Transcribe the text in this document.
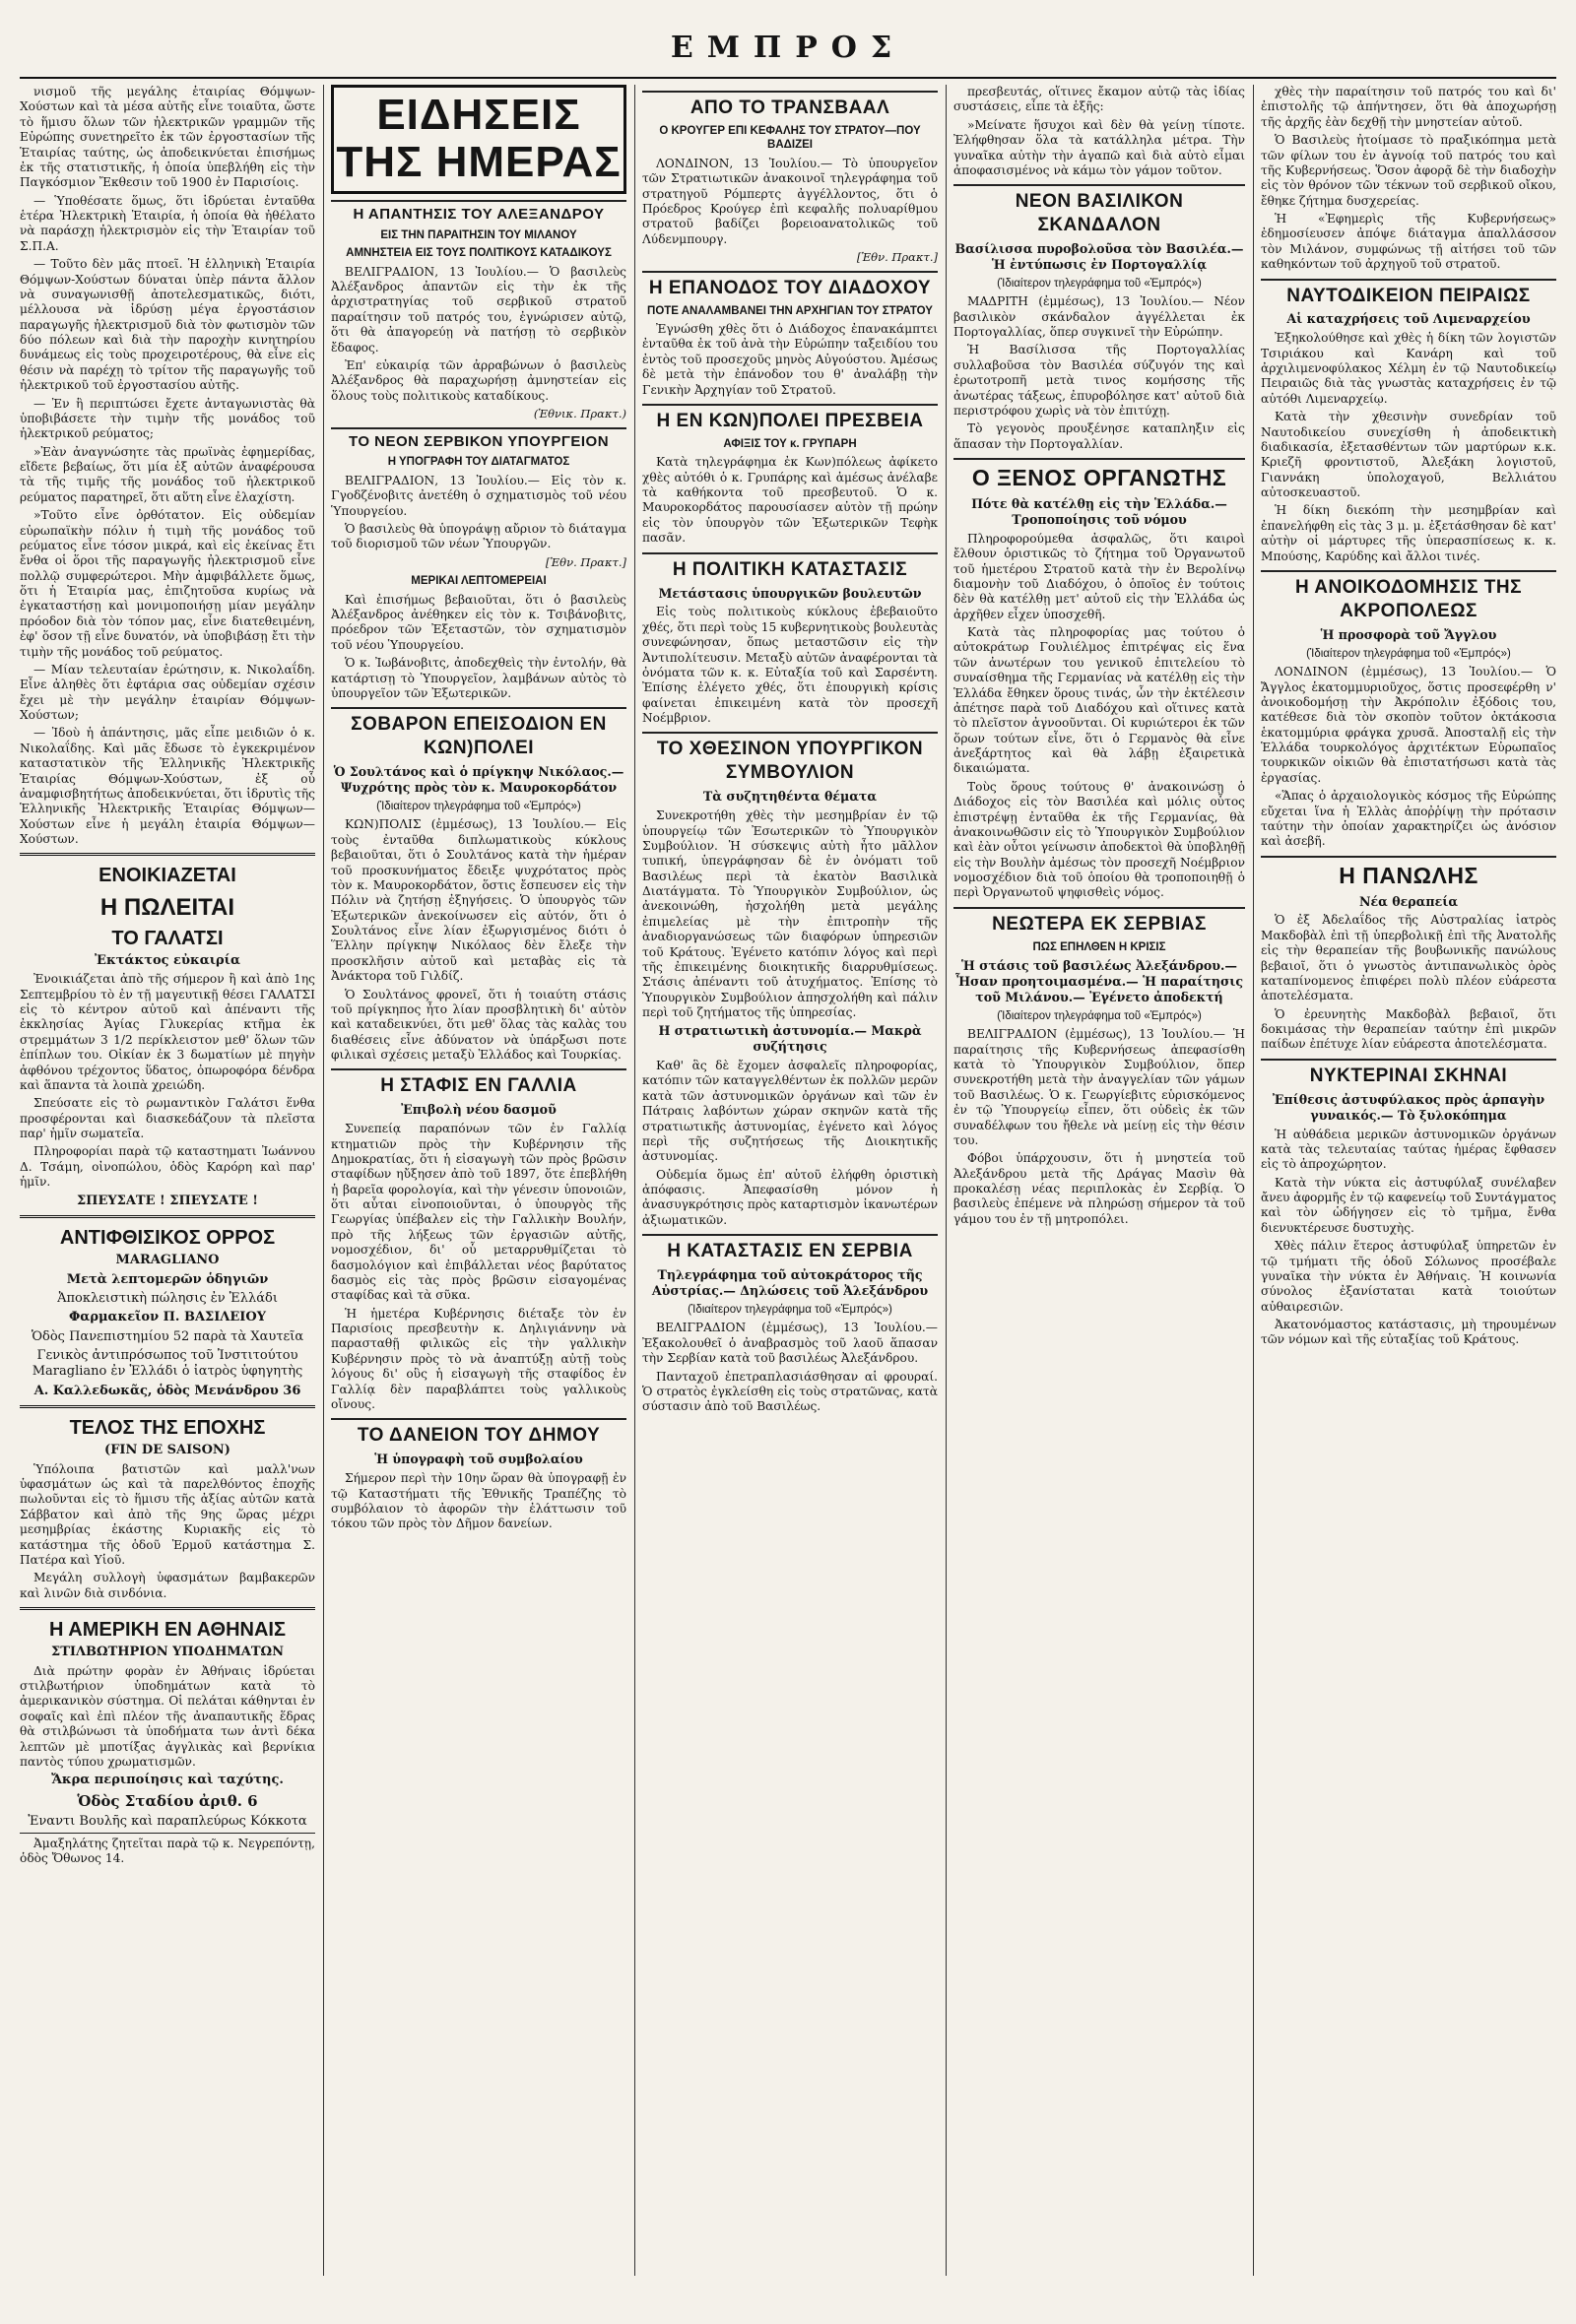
ΕΜΠΡΟΣ

νισμοῦ τῆς μεγάλης ἑταιρίας Θόμψων-Χούστων καὶ τὰ μέσα αὐτῆς εἶνε τοιαῦτα, ὥστε τὸ ἥμισυ ὅλων τῶν ἠλεκτρικῶν γραμμῶν τῆς Εὐρώπης συνετηρεῖτο ἐκ τῶν ἐργοστασίων τῆς Ἑταιρίας ταύτης, ὡς ἀποδεικνύεται ἐπισήμως ἐκ τῆς στατιστικῆς, ἡ ὁποία ὑπεβλήθη εἰς τὴν Παγκόσμιον Ἔκθεσιν τοῦ 1900 ἐν Παρισίοις.

— Ὑποθέσατε ὅμως, ὅτι ἱδρύεται ἐνταῦθα ἑτέρα Ἠλεκτρικὴ Ἑταιρία, ἡ ὁποία θὰ ἠθέλατο νὰ παράσχῃ ἠλεκτρισμὸν εἰς τὴν Ἑταιρίαν τοῦ Σ.Π.Α.

— Τοῦτο δὲν μᾶς πτοεῖ. Ἡ ἑλληνικὴ Ἑταιρία Θόμψων-Χούστων δύναται ὑπὲρ πάντα ἄλλον νὰ συναγωνισθῇ ἀποτελεσματικῶς, διότι, μέλλουσα νὰ ἱδρύσῃ μέγα ἐργοστάσιον παραγωγῆς ἠλεκτρισμοῦ διὰ τὸν φωτισμὸν τῶν δύο πόλεων καὶ διὰ τὴν παροχὴν κινητηρίου δυνάμεως εἰς τοὺς προχειροτέρους, θὰ εἶνε εἰς θέσιν νὰ παρέχῃ τὸ τρίτον τῆς παραγωγῆς τοῦ ἠλεκτρικοῦ τοῦ ἐργοστασίου αὐτῆς.

— Ἐν ἣ περιπτώσει ἔχετε ἀνταγωνιστὰς θὰ ὑποβιβάσετε τὴν τιμὴν τῆς μονάδος τοῦ ἠλεκτρικοῦ ρεύματος;

»Ἐὰν ἀναγνώσητε τὰς πρωϊνὰς ἐφημερίδας, εἴδετε βεβαίως, ὅτι μία ἐξ αὐτῶν ἀναφέρουσα τὰ τῆς τιμῆς τῆς μονάδος τοῦ ἠλεκτρικοῦ ρεύματος παρατηρεῖ, ὅτι αὕτη εἶνε ἐλαχίστη.

»Τοῦτο εἶνε ὀρθότατον. Εἰς οὐδεμίαν εὐρωπαϊκὴν πόλιν ἡ τιμὴ τῆς μονάδος τοῦ ρεύματος εἶνε τόσον μικρά, καὶ εἰς ἐκείνας ἔτι ἔνθα οἱ ὅροι τῆς παραγωγῆς ἠλεκτρισμοῦ εἶνε πολλῷ συμφερώτεροι. Μὴν ἀμφιβάλλετε ὅμως, ὅτι ἡ Ἑταιρία μας, ἐπιζητοῦσα κυρίως νὰ ἐγκαταστήσῃ καὶ μονιμοποιήσῃ μίαν μεγάλην πρόοδον διὰ τὸν τόπον μας, εἶνε διατεθειμένη, ἐφ' ὅσον τῇ εἶνε δυνατόν, νὰ ὑποβιβάσῃ ἔτι τὴν τιμὴν τῆς μονάδος τοῦ ρεύματος.

— Μίαν τελευταίαν ἐρώτησιν, κ. Νικολαΐδη. Εἶνε ἀληθὲς ὅτι ἐφτάρια σας οὐδεμίαν σχέσιν ἔχει μὲ τὴν μεγάλην ἑταιρίαν Θόμψων-Χούστων;

— Ἰδοὺ ἡ ἀπάντησις, μᾶς εἶπε μειδιῶν ὁ κ. Νικολαΐδης. Καὶ μᾶς ἔδωσε τὸ ἐγκεκριμένον καταστατικὸν τῆς Ἑλληνικῆς Ἠλεκτρικῆς Ἑταιρίας Θόμψων-Χούστων, ἐξ οὗ ἀναμφισβητήτως ἀποδεικνύεται, ὅτι ἱδρυτὶς τῆς Ἑλληνικῆς Ἠλεκτρικῆς Ἑταιρίας Θόμψων—Χούστων εἶνε ἡ μεγάλη ἑταιρία Θόμψων—Χούστων.

ΕΝΟΙΚΙΑΖΕΤΑΙ
Η ΠΩΛΕΙΤΑΙ
ΤΟ ΓΑΛΑΤΣΙ
Ἐκτάκτος εὐκαιρία

Ἐνοικιάζεται ἀπὸ τῆς σήμερον ἢ καὶ ἀπὸ 1ης Σεπτεμβρίου τὸ ἐν τῇ μαγευτικῇ θέσει ΓΑΛΑΤΣΙ εἰς τὸ κέντρον αὐτοῦ καὶ ἀπέναντι τῆς ἐκκλησίας Ἁγίας Γλυκερίας κτῆμα ἐκ στρεμμάτων 3 1/2 περίκλειστον μεθ' ὅλων τῶν ἐπίπλων του. Οἰκίαν ἐκ 3 δωματίων μὲ πηγὴν ἀφθόνου τρέχοντος ὕδατος, ὀπωροφόρα δένδρα καὶ ἅπαντα τὰ λοιπὰ χρειώδη.

Σπεύσατε εἰς τὸ ρωμαντικὸν Γαλάτσι ἕνθα προσφέρονται καὶ διασκεδάζουν τὰ πλεῖστα παρ' ἡμῖν σωματεῖα.

Πληροφορίαι παρὰ τῷ καταστηματι Ἰωάννου Δ. Τσάμη, οἰνοπώλου, ὁδὸς Καρόρη καὶ παρ' ἡμῖν.

ΣΠΕΥΣΑΤΕ ! ΣΠΕΥΣΑΤΕ !
ΑΝΤΙΦΘΙΣΙΚΟΣ ΟΡΡΟΣ
MARAGLIANO
Μετὰ λεπτομερῶν ὁδηγιῶν
Ἀποκλειστικὴ πώλησις ἐν Ἑλλάδι
Φαρμακεῖον Π. ΒΑΣΙΛΕΙΟΥ
Ὁδὸς Πανεπιστημίου 52 παρὰ τὰ Χαυτεῖα
Γενικὸς ἀντιπρόσωπος τοῦ Ἰνστιτούτου Maragliano ἐν Ἑλλάδι ὁ ἰατρὸς ὑφηγητὴς
Α. Καλλεδωκᾶς, ὁδὸς Μενάνδρου 36
ΤΕΛΟΣ ΤΗΣ ΕΠΟΧΗΣ
(FIN DE SAISON)

Ὑπόλοιπα βατιστῶν καὶ μαλλ'νων ὑφασμάτων ὡς καὶ τὰ παρελθόντος ἐποχῆς πωλοῦνται εἰς τὸ ἥμισυ τῆς ἀξίας αὐτῶν κατὰ Σάββατον καὶ ἀπὸ τῆς 9ης ὥρας μέχρι μεσημβρίας ἑκάστης Κυριακῆς εἰς τὸ κατάστημα τῆς ὁδοῦ Ἑρμοῦ κατάστημα Σ. Πατέρα καὶ Υἱοῦ.

Μεγάλη συλλογὴ ὑφασμάτων βαμβακερῶν καὶ λινῶν διὰ σινδόνια.

Η ΑΜΕΡΙΚΗ ΕΝ ΑΘΗΝΑΙΣ
ΣΤΙΛΒΩΤΗΡΙΟΝ ΥΠΟΔΗΜΑΤΩΝ

Διὰ πρώτην φορὰν ἐν Ἀθήναις ἱδρύεται στιλβωτήριον ὑποδημάτων κατὰ τὸ ἀμερικανικὸν σύστημα. Οἱ πελάται κάθηνται ἐν σοφαῖς καὶ ἐπὶ πλέον τῆς ἀναπαυτικῆς ἕδρας θὰ στιλβώνωσι τὰ ὑποδήματα των ἀντὶ δέκα λεπτῶν μὲ μποτίξας ἀγγλικὰς καὶ βερνίκια παντὸς τύπου χρωματισμῶν.

Ἄκρα περιποίησις καὶ ταχύτης.
Ὁδὸς Σταδίου ἀριθ. 6
Ἐναντι Βουλῆς καὶ παραπλεύρως Κόκκοτα

Ἀμαξηλάτης ζητεῖται παρὰ τῷ κ. Νεγρεπόντῃ, ὁδὸς Ὄθωνος 14.

ΕΙΔΗΣΕΙΣ ΤΗΣ ΗΜΕΡΑΣ
Η ΑΠΑΝΤΗΣΙΣ ΤΟΥ ΑΛΕΞΑΝΔΡΟΥ
ΕΙΣ ΤΗΝ ΠΑΡΑΙΤΗΣΙΝ ΤΟΥ ΜΙΛΑΝΟΥ
ΑΜΝΗΣΤΕΙΑ ΕΙΣ ΤΟΥΣ ΠΟΛΙΤΙΚΟΥΣ ΚΑΤΑΔΙΚΟΥΣ

ΒΕΛΙΓΡΑΔΙΟΝ, 13 Ἰουλίου.— Ὁ βασιλεὺς Ἀλέξανδρος ἀπαντῶν εἰς τὴν ἐκ τῆς ἀρχιστρατηγίας τοῦ σερβικοῦ στρατοῦ παραίτησιν τοῦ πατρός του, ἐγνώρισεν αὐτῷ, ὅτι θὰ ἀπαγορεύῃ νὰ πατήσῃ τὸ σερβικὸν ἔδαφος.

Ἐπ' εὐκαιρίᾳ τῶν ἀρραβώνων ὁ βασιλεὺς Ἀλέξανδρος θὰ παραχωρήσῃ ἀμνηστείαν εἰς ὅλους τοὺς πολιτικοὺς καταδίκους.

(Ἐθνικ. Πρακτ.)
ΤΟ ΝΕΟΝ ΣΕΡΒΙΚΟΝ ΥΠΟΥΡΓΕΙΟΝ
Η ΥΠΟΓΡΑΦΗ ΤΟΥ ΔΙΑΤΑΓΜΑΤΟΣ

ΒΕΛΙΓΡΑΔΙΟΝ, 13 Ἰουλίου.— Εἰς τὸν κ. Γγοδζένοβιτς ἀνετέθη ὁ σχηματισμὸς τοῦ νέου Ὑπουργείου.

Ὁ βασιλεὺς θὰ ὑπογράψῃ αὔριον τὸ διάταγμα τοῦ διορισμοῦ τῶν νέων Ὑπουργῶν.

[Ἐθν. Πρακτ.]
ΜΕΡΙΚΑΙ ΛΕΠΤΟΜΕΡΕΙΑΙ

Καὶ ἐπισήμως βεβαιοῦται, ὅτι ὁ βασιλεὺς Ἀλέξανδρος ἀνέθηκεν εἰς τὸν κ. Τσιβάνοβιτς, πρόεδρον τῶν Ἐξεταστῶν, τὸν σχηματισμὸν τοῦ νέου Ὑπουργείου.

Ὁ κ. Ἰωβάνοβιτς, ἀποδεχθεὶς τὴν ἐντολήν, θὰ κατάρτισῃ τὸ Ὑπουργεῖον, λαμβάνων αὐτὸς τὸ ὑπουργεῖον τῶν Ἐξωτερικῶν.

ΣΟΒΑΡΟΝ ΕΠΕΙΣΟΔΙΟΝ ΕΝ ΚΩΝ)ΠΟΛΕΙ
Ὁ Σουλτάνος καὶ ὁ πρίγκηψ Νικόλαος.— Ψυχρότης πρὸς τὸν κ. Μαυροκορδάτον
(Ἰδιαίτερον τηλεγράφημα τοῦ «Ἐμπρός»)

ΚΩΝ)ΠΟΛΙΣ (ἐμμέσως), 13 Ἰουλίου.— Εἰς τοὺς ἐνταῦθα διπλωματικοὺς κύκλους βεβαιοῦται, ὅτι ὁ Σουλτάνος κατὰ τὴν ἡμέραν τοῦ προσκυνήματος ἔδειξε ψυχρότατος πρὸς τὸν κ. Μαυροκορδάτον, ὅστις ἔσπευσεν εἰς τὴν Πόλιν νὰ ζητήσῃ ἐξηγήσεις. Ὁ ὑπουργὸς τῶν Ἐξωτερικῶν ἀνεκοίνωσεν εἰς αὐτόν, ὅτι ὁ Σουλτάνος εἶνε λίαν ἐξωργισμένος διότι ὁ Ἕλλην πρίγκηψ Νικόλαος δὲν ἔλεξε τὴν προσκλῆσιν αὐτοῦ καὶ μεταβὰς εἰς τὰ Ἀνάκτορα τοῦ Γιλδίζ.

Ὁ Σουλτάνος φρονεῖ, ὅτι ἡ τοιαύτη στάσις τοῦ πρίγκηπος ἦτο λίαν προσβλητικὴ δι' αὐτὸν καὶ καταδεικνύει, ὅτι μεθ' ὅλας τὰς καλὰς του διαθέσεις εἶνε ἀδύνατον νὰ ὑπάρξωσι ποτε φιλικαὶ σχέσεις μεταξὺ Ἑλλάδος καὶ Τουρκίας.

Η ΣΤΑΦΙΣ ΕΝ ΓΑΛΛΙΑ
Ἐπιβολὴ νέου δασμοῦ

Συνεπείᾳ παραπόνων τῶν ἐν Γαλλίᾳ κτηματιῶν πρὸς τὴν Κυβέρνησιν τῆς Δημοκρατίας, ὅτι ἡ εἰσαγωγὴ τῶν πρὸς βρῶσιν σταφίδων ηὔξησεν ἀπὸ τοῦ 1897, ὅτε ἐπεβλήθη ἡ βαρεῖα φορολογία, καὶ τὴν γένεσιν ὑπονοιῶν, ὅτι αὗται εἰνοποιοῦνται, ὁ ὑπουργὸς τῆς Γεωργίας ὑπέβαλεν εἰς τὴν Γαλλικὴν Βουλήν, πρὸ τῆς λήξεως τῶν ἐργασιῶν αὐτῆς, νομοσχέδιον, δι' οὗ μεταρρυθμίζεται τὸ δασμολόγιον καὶ ἐπιβάλλεται νέος βαρύτατος δασμὸς εἰς τὰς πρὸς βρῶσιν εἰσαγομένας σταφίδας καὶ τὰ σῦκα.

Ἡ ἡμετέρα Κυβέρνησις διέταξε τὸν ἐν Παρισίοις πρεσβευτὴν κ. Δηλιγιάννην νὰ παρασταθῇ φιλικῶς εἰς τὴν γαλλικὴν Κυβέρνησιν πρὸς τὸ νὰ ἀναπτύξῃ αὐτῇ τοὺς λόγους δι' οὓς ἡ εἰσαγωγὴ τῆς σταφίδος ἐν Γαλλίᾳ δὲν παραβλάπτει τοὺς γαλλικοὺς οἴνους.

ΤΟ ΔΑΝΕΙΟΝ ΤΟΥ ΔΗΜΟΥ
Ἡ ὑπογραφὴ τοῦ συμβολαίου

Σήμερον περὶ τὴν 10ην ὥραν θὰ ὑπογραφῇ ἐν τῷ Καταστήματι τῆς Ἐθνικῆς Τραπέζης τὸ συμβόλαιον τὸ ἀφορῶν τὴν ἐλάττωσιν τοῦ τόκου τῶν πρὸς τὸν Δῆμον δανείων.

ΑΠΟ ΤΟ ΤΡΑΝΣΒΑΑΛ
Ο ΚΡΟΥΓΕΡ ΕΠΙ ΚΕΦΑΛΗΣ ΤΟΥ ΣΤΡΑΤΟΥ—ΠΟΥ ΒΑΔΙΖΕΙ

ΛΟΝΔΙΝΟΝ, 13 Ἰουλίου.— Τὸ ὑπουργεῖον τῶν Στρατιωτικῶν ἀνακοινοῖ τηλεγράφημα τοῦ στρατηγοῦ Ρόμπερτς ἀγγέλλοντος, ὅτι ὁ Πρόεδρος Κρούγερ ἐπὶ κεφαλῆς πολυαρίθμου στρατοῦ βαδίζει βορειοανατολικῶς τοῦ Λύδενμπουργ.

[Ἐθν. Πρακτ.]
Η ΕΠΑΝΟΔΟΣ ΤΟΥ ΔΙΑΔΟΧΟΥ
ΠΟΤΕ ΑΝΑΛΑΜΒΑΝΕΙ ΤΗΝ ΑΡΧΗΓΙΑΝ ΤΟΥ ΣΤΡΑΤΟΥ

Ἐγνώσθη χθὲς ὅτι ὁ Διάδοχος ἐπανακάμπτει ἐνταῦθα ἐκ τοῦ ἀνὰ τὴν Εὐρώπην ταξειδίου του ἐντὸς τοῦ προσεχοῦς μηνὸς Αὐγούστου. Ἀμέσως δὲ μετὰ τὴν ἐπάνοδον του θ' ἀναλάβῃ τὴν Γενικὴν Ἀρχηγίαν τοῦ Στρατοῦ.

Η ΕΝ ΚΩΝ)ΠΟΛΕΙ ΠΡΕΣΒΕΙΑ
ΑΦΙΞΙΣ ΤΟΥ κ. ΓΡΥΠΑΡΗ

Κατὰ τηλεγράφημα ἐκ Κων)πόλεως ἀφίκετο χθὲς αὐτόθι ὁ κ. Γρυπάρης καὶ ἀμέσως ἀνέλαβε τὰ καθήκοντα τοῦ πρεσβευτοῦ. Ὁ κ. Μαυροκορδάτος παρουσίασεν αὐτὸν τῇ πρώην εἰς τὸν ὑπουργὸν τῶν Ἐξωτερικῶν Τεφὴκ πασᾶν.

Η ΠΟΛΙΤΙΚΗ ΚΑΤΑΣΤΑΣΙΣ
Μετάστασις ὑπουργικῶν βουλευτῶν

Εἰς τοὺς πολιτικοὺς κύκλους ἐβεβαιοῦτο χθές, ὅτι περὶ τοὺς 15 κυβερνητικοὺς βουλευτὰς συνεφώνησαν, ὅπως μεταστῶσιν εἰς τὴν Ἀντιπολίτευσιν. Μεταξὺ αὐτῶν ἀναφέρονται τὰ ὀνόματα τῶν κ. κ. Εὐταξία τοῦ καὶ Σαρσέντη. Ἐπίσης ἐλέγετο χθές, ὅτι ἐπουργικὴ κρίσις φαίνεται ἐπικειμένη κατὰ τὸν προσεχῆ Νοέμβριον.

ΤΟ ΧΘΕΣΙΝΟΝ ΥΠΟΥΡΓΙΚΟΝ ΣΥΜΒΟΥΛΙΟΝ
Τὰ συζητηθέντα θέματα

Συνεκροτήθη χθὲς τὴν μεσημβρίαν ἐν τῷ ὑπουργείῳ τῶν Ἐσωτερικῶν τὸ Ὑπουργικὸν Συμβούλιον. Ἡ σύσκεψις αὐτὴ ἦτο μᾶλλον τυπική, ὑπεγράφησαν δὲ ἐν ὀνόματι τοῦ Βασιλέως περὶ τὰ ἑκατὸν Βασιλικὰ Διατάγματα. Τὸ Ὑπουργικὸν Συμβούλιον, ὡς ἀνεκοινώθη, ἠσχολήθη μετὰ μεγάλης ἐπιμελείας μὲ τὴν ἐπιτροπὴν τῆς ἀναδιοργανώσεως τῶν διαφόρων ὑπηρεσιῶν τοῦ Κράτους. Ἐγένετο κατόπιν λόγος καὶ περὶ τῆς ἐπικειμένης διοικητικῆς διαρρυθμίσεως. Στάσις ἀπέναντι τοῦ ἀτυχήματος. Ἐπίσης τὸ Ὑπουργικὸν Συμβούλιον ἀπησχολήθη καὶ πάλιν περὶ τοῦ ζητήματος τῆς ὑπηρεσίας.

Η στρατιωτικὴ ἀστυνομία.— Μακρὰ συζήτησις

Καθ' ἃς δὲ ἔχομεν ἀσφαλεῖς πληροφορίας, κατόπιν τῶν καταγγελθέντων ἐκ πολλῶν μερῶν κατὰ τῶν ἀστυνομικῶν ὀργάνων καὶ τῶν ἐν Πάτραις λαβόντων χώραν σκηνῶν κατὰ τῆς στρατιωτικῆς ἀστυνομίας, ἐγένετο καὶ λόγος περὶ τῆς συζητήσεως τῆς Διοικητικῆς ἀστυνομίας.

Οὐδεμία ὅμως ἐπ' αὐτοῦ ἐλήφθη ὁριστικὴ ἀπόφασις. Ἀπεφασίσθη μόνον ἡ ἀνασυγκρότησις πρὸς καταρτισμὸν ἱκανωτέρων ἀξιωματικῶν.

Η ΚΑΤΑΣΤΑΣΙΣ ΕΝ ΣΕΡΒΙΑ
Τηλεγράφημα τοῦ αὐτοκράτορος τῆς Αὐστρίας.— Δηλώσεις τοῦ Ἀλεξάνδρου
(Ἰδιαίτερον τηλεγράφημα τοῦ «Ἐμπρός»)

ΒΕΛΙΓΡΑΔΙΟΝ (ἐμμέσως), 13 Ἰουλίου.— Ἐξακολουθεῖ ὁ ἀναβρασμὸς τοῦ λαοῦ ἅπασαν τὴν Σερβίαν κατὰ τοῦ βασιλέως Ἀλεξάνδρου.

Πανταχοῦ ἐπετραπλασιάσθησαν αἱ φρουραί. Ὁ στρατὸς ἐγκλείσθη εἰς τοὺς στρατῶνας, κατὰ σύστασιν ἀπὸ τοῦ Βασιλέως.

πρεσβευτάς, οἵτινες ἔκαμον αὐτῷ τὰς ἰδίας συστάσεις, εἶπε τὰ ἑξῆς:

»Μείνατε ἥσυχοι καὶ δὲν θὰ γείνῃ τίποτε. Ἐλήφθησαν ὅλα τὰ κατάλληλα μέτρα. Τὴν γυναῖκα αὐτὴν τὴν ἀγαπῶ καὶ διὰ αὐτὸ εἶμαι ἀποφασισμένος νὰ κάμω τὸν γάμον τοῦτον.

ΝΕΟΝ ΒΑΣΙΛΙΚΟΝ ΣΚΑΝΔΑΛΟΝ
Βασίλισσα πυροβολοῦσα τὸν Βασιλέα.— Ἡ ἐντύπωσις ἐν Πορτογαλλίᾳ
(Ἰδιαίτερον τηλεγράφημα τοῦ «Ἐμπρός»)

ΜΑΔΡΙΤΗ (ἐμμέσως), 13 Ἰουλίου.— Νέον βασιλικὸν σκάνδαλον ἀγγέλλεται ἐκ Πορτογαλλίας, ὅπερ συγκινεῖ τὴν Εὐρώπην.

Ἡ Βασίλισσα τῆς Πορτογαλλίας συλλαβοῦσα τὸν Βασιλέα σύζυγόν της καὶ ἐρωτοτροπῆ μετὰ τινος κομήσσης τῆς ἀνωτέρας τάξεως, ἐπυροβόλησε κατ' αὐτοῦ διὰ περιστρόφου χωρὶς νὰ τὸν ἐπιτύχῃ.

Τὸ γεγονὸς προυξένησε καταπληξιν εἰς ἅπασαν τὴν Πορτογαλλίαν.

Ο ΞΕΝΟΣ ΟΡΓΑΝΩΤΗΣ
Πότε θὰ κατέλθῃ εἰς τὴν Ἑλλάδα.— Τροποποίησις τοῦ νόμου

Πληροφορούμεθα ἀσφαλῶς, ὅτι καιροὶ ἔλθουν ὁριστικῶς τὸ ζήτημα τοῦ Ὀργανωτοῦ τοῦ ἡμετέρου Στρατοῦ κατὰ τὴν ἐν Βερολίνῳ διαμονὴν τοῦ Διαδόχου, ὁ ὁποῖος ἐν τούτοις δὲν θὰ κατέλθῃ μετ' αὐτοῦ εἰς τὴν Ἑλλάδα ὡς ἀρχῆθεν εἶχεν ὑποσχεθῆ.

Κατὰ τὰς πληροφορίας μας τούτου ὁ αὐτοκράτωρ Γουλιέλμος ἐπιτρέψας εἰς ἕνα τῶν ἀνωτέρων του γενικοῦ ἐπιτελείου τὸ συναίσθημα τῆς Γερμανίας νὰ κατέλθῃ εἰς τὴν Ἑλλάδα ἔθηκεν ὅρους τινάς, ὧν τὴν ἐκτέλεσιν ἀπέτησε παρὰ τοῦ Διαδόχου καὶ οἵτινες κατὰ τὸ πλεῖστον ἀγνοοῦνται. Οἱ κυριώτεροι ἐκ τῶν ὅρων τούτων εἶνε, ὅτι ὁ Γερμανὸς θὰ εἶνε ἀνεξάρτητος καὶ θὰ λάβῃ ἐξαιρετικὰ δικαιώματα.

Τοὺς ὅρους τούτους θ' ἀνακοινώσῃ ὁ Διάδοχος εἰς τὸν Βασιλέα καὶ μόλις οὗτος ἐπιστρέψῃ ἐνταῦθα ἐκ τῆς Γερμανίας, θὰ ἀνακοινωθῶσιν εἰς τὸ Ὑπουργικὸν Συμβούλιον καὶ ἐὰν οὗτοι γείνωσιν ἀποδεκτοὶ θὰ ὑποβληθῇ εἰς τὴν Βουλὴν ἀμέσως τὸν προσεχῆ Νοέμβριον νομοσχέδιον διὰ τοῦ ὁποίου θὰ τροποποιηθῇ ὁ περὶ Ὀργανωτοῦ ψηφισθεὶς νόμος.

ΝΕΩΤΕΡΑ ΕΚ ΣΕΡΒΙΑΣ
ΠΩΣ ΕΠΗΛΘΕΝ Η ΚΡΙΣΙΣ
Ἡ στάσις τοῦ βασιλέως Ἀλεξάνδρου.— Ἦσαν προητοιμασμένα.— Ἡ παραίτησις τοῦ Μιλάνου.— Ἐγένετο ἀποδεκτή
(Ἰδιαίτερον τηλεγράφημα τοῦ «Ἐμπρός»)

ΒΕΛΙΓΡΑΔΙΟΝ (ἐμμέσως), 13 Ἰουλίου.— Ἡ παραίτησις τῆς Κυβερνήσεως ἀπεφασίσθη κατὰ τὸ Ὑπουργικὸν Συμβούλιον, ὅπερ συνεκροτήθη μετὰ τὴν ἀναγγελίαν τῶν γάμων τοῦ Βασιλέως. Ὁ κ. Γεωργίεβιτς εὑρισκόμενος ἐν τῷ Ὑπουργείῳ εἶπεν, ὅτι οὐδεὶς ἐκ τῶν συναδέλφων του ἤθελε νὰ μείνῃ εἰς τὴν θέσιν του.

Φόβοι ὑπάρχουσιν, ὅτι ἡ μνηστεία τοῦ Ἀλεξάνδρου μετὰ τῆς Δράγας Μασὶν θὰ προκαλέσῃ νέας περιπλοκὰς ἐν Σερβίᾳ. Ὁ βασιλεὺς ἐπέμενε νὰ πληρώσῃ σήμερον τὰ τοῦ γάμου του ἐν τῇ μητροπόλει.

χθὲς τὴν παραίτησιν τοῦ πατρός του καὶ δι' ἐπιστολῆς τῷ ἀπήντησεν, ὅτι θὰ ἀποχωρήσῃ τῆς ἀρχῆς ἐὰν δεχθῇ τὴν μνηστείαν αὐτοῦ.

Ὁ Βασιλεὺς ἠτοίμασε τὸ πραξικόπημα μετὰ τῶν φίλων του ἐν ἀγνοίᾳ τοῦ πατρός του καὶ τῆς Κυβερνήσεως. Ὅσον ἀφορᾷ δὲ τὴν διαδοχὴν εἰς τὸν θρόνον τῶν τέκνων τοῦ σερβικοῦ οἴκου, ἔθηκε ζήτημα δυσχερείας.

Ἡ «Ἐφημερὶς τῆς Κυβερνήσεως» ἐδημοσίευσεν ἀπόψε διάταγμα ἀπαλλάσσον τὸν Μιλάνον, συμφώνως τῇ αἰτήσει τοῦ τῶν καθηκόντων τοῦ ἀρχηγοῦ τοῦ στρατοῦ.

ΝΑΥΤΟΔΙΚΕΙΟΝ ΠΕΙΡΑΙΩΣ
Αἱ καταχρήσεις τοῦ Λιμεναρχείου

Ἐξηκολούθησε καὶ χθὲς ἡ δίκη τῶν λογιστῶν Τσιριάκου καὶ Κανάρη καὶ τοῦ ἀρχιλιμενοφύλακος Χέλμη ἐν τῷ Ναυτοδικείῳ Πειραιῶς διὰ τὰς γνωστὰς καταχρήσεις ἐν τῷ αὐτόθι Λιμεναρχείῳ.

Κατὰ τὴν χθεσινὴν συνεδρίαν τοῦ Ναυτοδικείου συνεχίσθη ἡ ἀποδεικτικὴ διαδικασία, ἐξετασθέντων τῶν μαρτύρων κ.κ. Κριεζῆ φροντιστοῦ, Ἀλεξάκη λογιστοῦ, Γιαννάκη ὑπολοχαγοῦ, Βελλιάτου αὐτοσκευαστοῦ.

Ἡ δίκη διεκόπη τὴν μεσημβρίαν καὶ ἐπανελήφθη εἰς τὰς 3 μ. μ. ἐξετάσθησαν δὲ κατ' αὐτὴν οἱ μάρτυρες τῆς ὑπερασπίσεως κ. κ. Μπούσης, Καρύδης καὶ ἄλλοι τινές.

Η ΑΝΟΙΚΟΔΟΜΗΣΙΣ ΤΗΣ ΑΚΡΟΠΟΛΕΩΣ
Ἡ προσφορὰ τοῦ Ἄγγλου
(Ἰδιαίτερον τηλεγράφημα τοῦ «Ἐμπρός»)

ΛΟΝΔΙΝΟΝ (ἐμμέσως), 13 Ἰουλίου.— Ὁ Ἄγγλος ἑκατομμυριοῦχος, ὅστις προσεφέρθη ν' ἀνοικοδομήσῃ τὴν Ἀκρόπολιν ἐξόδοις του, κατέθεσε διὰ τὸν σκοπὸν τοῦτον ὀκτάκοσια ἑκατομμύρια φράγκα χρυσᾶ. Ἀποσταλῇ εἰς τὴν Ἑλλάδα τουρκολόγος ἀρχιτέκτων Εὐρωπαῖος τουρκικῶν οἰκιῶν θὰ ἐπιστατήσωσι κατὰ τὰς ἐργασίας.

«Ἅπας ὁ ἀρχαιολογικὸς κόσμος τῆς Εὐρώπης εὔχεται ἵνα ἡ Ἑλλὰς ἀποῤῥίψῃ τὴν πρότασιν ταύτην τὴν ὁποίαν χαρακτηρίζει ὡς ἀνόσιον καὶ ἀσεβῆ.

Η ΠΑΝΩΛΗΣ
Νέα θεραπεία

Ὁ ἐξ Ἀδελαΐδος τῆς Αὐστραλίας ἰατρὸς Μακδοβὰλ ἐπὶ τῇ ὑπερβολικῇ ἐπὶ τῆς Ἀνατολῆς εἰς τὴν θεραπείαν τῆς βουβωνικῆς πανώλους βεβαιοῖ, ὅτι ὁ γνωστὸς ἀντιπανωλικὸς ὀρὸς καταπίνομενος ἐπιφέρει πολὺ πλέον εὐάρεστα ἀποτελέσματα.

Ὁ ἐρευνητὴς Μακδοβὰλ βεβαιοῖ, ὅτι δοκιμάσας τὴν θεραπείαν ταύτην ἐπὶ μικρῶν παίδων ἐπέτυχε λίαν εὐάρεστα ἀποτελέσματα.

ΝΥΚΤΕΡΙΝΑΙ ΣΚΗΝΑΙ
Ἐπίθεσις ἀστυφύλακος πρὸς ἁρπαγὴν γυναικός.— Τὸ ξυλοκόπημα

Ἡ αὐθάδεια μερικῶν ἀστυνομικῶν ὀργάνων κατὰ τὰς τελευταίας ταύτας ἡμέρας ἔφθασεν εἰς τὸ ἀπροχώρητον.

Κατὰ τὴν νύκτα εἰς ἀστυφύλαξ συνέλαβεν ἄνευ ἀφορμῆς ἐν τῷ καφενείῳ τοῦ Συντάγματος καὶ τὸν ὡδήγησεν εἰς τὸ τμῆμα, ἔνθα διενυκτέρευσε δυστυχὴς.

Χθὲς πάλιν ἕτερος ἀστυφύλαξ ὑπηρετῶν ἐν τῷ τμήματι τῆς ὁδοῦ Σόλωνος προσέβαλε γυναῖκα τὴν νύκτα ἐν Ἀθήναις. Ἡ κοινωνία σύνολος ἐξανίσταται κατὰ τοιούτων αὐθαιρεσιῶν.

Ἀκατονόμαστος κατάστασις, μὴ τηρουμένων τῶν νόμων καὶ τῆς εὐταξίας τοῦ Κράτους.
